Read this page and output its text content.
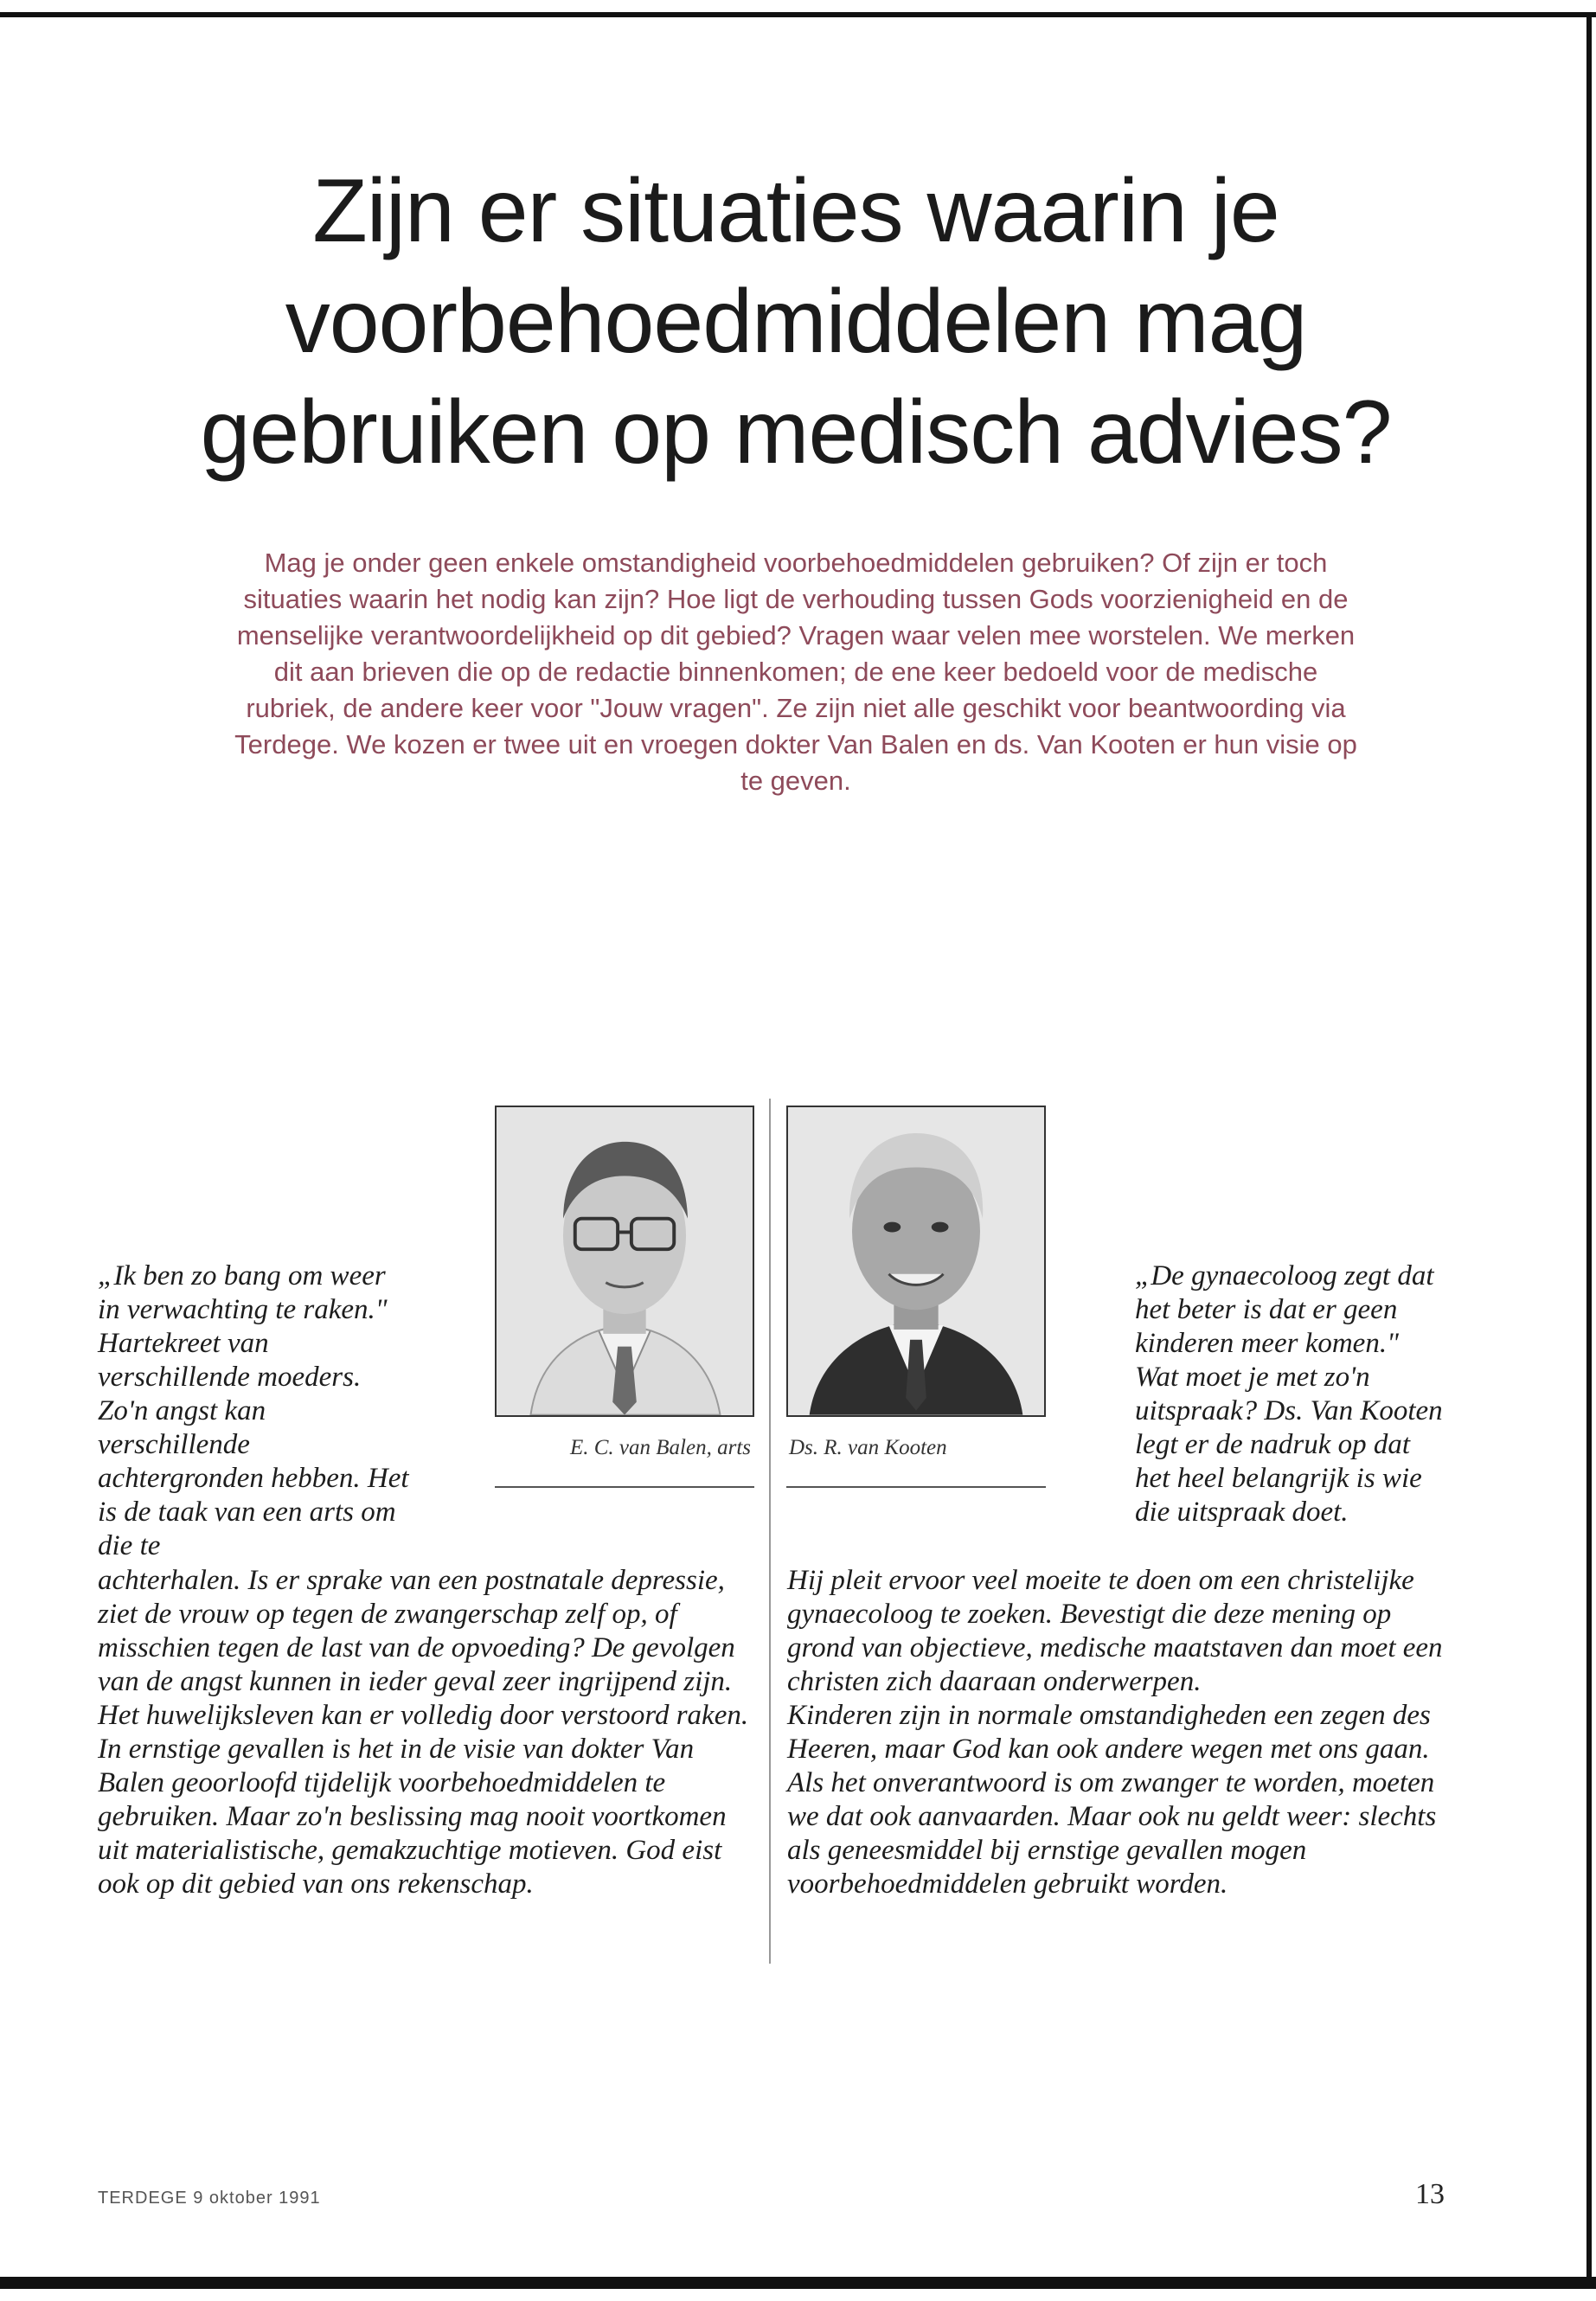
Zijn er situaties waarin je voorbehoedmiddelen mag gebruiken op medisch advies?

Mag je onder geen enkele omstandigheid voorbehoedmiddelen gebruiken? Of zijn er toch situaties waarin het nodig kan zijn? Hoe ligt de verhouding tussen Gods voorzienigheid en de menselijke verantwoordelijkheid op dit gebied? Vragen waar velen mee worstelen. We merken dit aan brieven die op de redactie binnenkomen; de ene keer bedoeld voor de medische rubriek, de andere keer voor "Jouw vragen". Ze zijn niet alle geschikt voor beantwoording via Terdege. We kozen er twee uit en vroegen dokter Van Balen en ds. Van Kooten er hun visie op te geven.

E. C. van Balen, arts Ds. R. van Kooten

„Ik ben zo bang om weer in verwachting te raken." Hartekreet van verschillende moeders. Zo'n angst kan verschillende achtergronden hebben. Het is de taak van een arts om die te

achterhalen. Is er sprake van een postnatale depressie, ziet de vrouw op tegen de zwangerschap zelf op, of misschien tegen de last van de opvoeding? De gevolgen van de angst kunnen in ieder geval zeer ingrijpend zijn. Het huwelijksleven kan er volledig door verstoord raken. In ernstige gevallen is het in de visie van dokter Van Balen geoorloofd tijdelijk voorbehoedmiddelen te gebruiken. Maar zo'n beslissing mag nooit voortkomen uit materialistische, gemakzuchtige motieven. God eist ook op dit gebied van ons rekenschap.

„De gynaecoloog zegt dat het beter is dat er geen kinderen meer komen." Wat moet je met zo'n uitspraak? Ds. Van Kooten legt er de nadruk op dat het heel belangrijk is wie die uitspraak doet.

Hij pleit ervoor veel moeite te doen om een christelijke gynaecoloog te zoeken. Bevestigt die deze mening op grond van objectieve, medische maatstaven dan moet een christen zich daaraan onderwerpen.

Kinderen zijn in normale omstandigheden een zegen des Heeren, maar God kan ook andere wegen met ons gaan. Als het onverantwoord is om zwanger te worden, moeten we dat ook aanvaarden. Maar ook nu geldt weer: slechts als geneesmiddel bij ernstige gevallen mogen voorbehoedmiddelen gebruikt worden.

TERDEGE 9 oktober 1991	13
